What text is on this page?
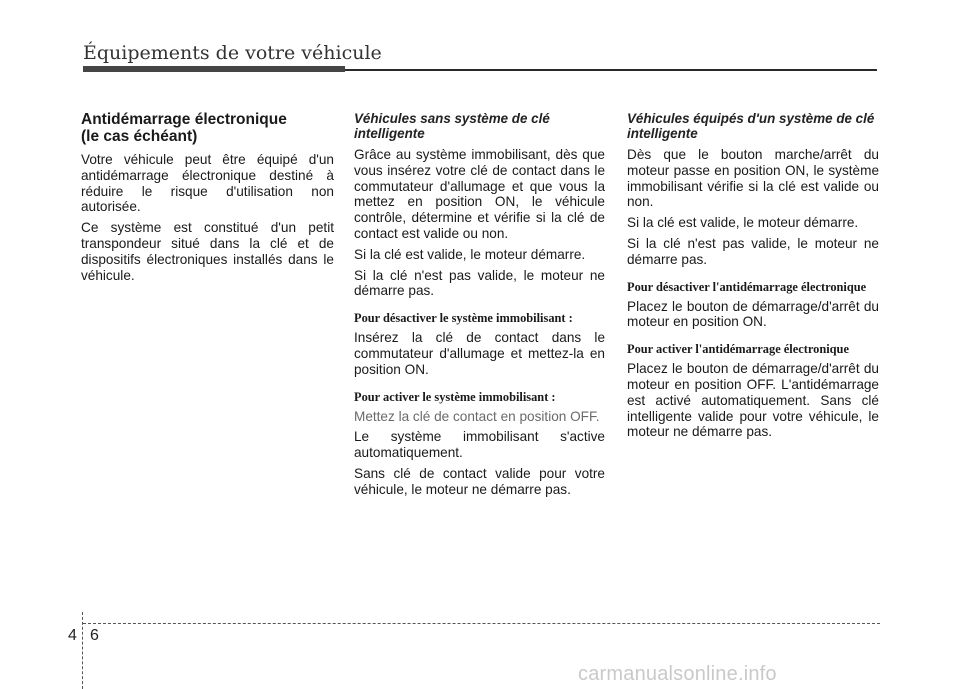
Équipements de votre véhicule
Antidémarrage électronique
(le cas échéant)

Votre véhicule peut être équipé d'un antidémarrage électronique destiné à réduire le risque d'utilisation non autorisée.

Ce système est constitué d'un petit transpondeur situé dans la clé et de dispositifs électroniques installés dans le véhicule.

Véhicules sans système de clé intelligente

Grâce au système immobilisant, dès que vous insérez votre clé de contact dans le commutateur d'allumage et que vous la mettez en position ON, le véhicule contrôle, détermine et vérifie si la clé de contact est valide ou non.

Si la clé est valide, le moteur démarre.

Si la clé n'est pas valide, le moteur ne démarre pas.

Pour désactiver le système immobilisant :

Insérez la clé de contact dans le commutateur d'allumage et mettez-la en position ON.

Pour activer le système immobilisant :

Mettez la clé de contact en position OFF.

Le système immobilisant s'active automatiquement.

Sans clé de contact valide pour votre véhicule, le moteur ne démarre pas.

Véhicules équipés d'un système de clé intelligente

Dès que le bouton marche/arrêt du moteur passe en position ON, le système immobilisant vérifie si la clé est valide ou non.

Si la clé est valide, le moteur démarre.

Si la clé n'est pas valide, le moteur ne démarre pas.

Pour désactiver l'antidémarrage électronique

Placez le bouton de démarrage/d'arrêt du moteur en position ON.

Pour activer l'antidémarrage électronique

Placez le bouton de démarrage/d'arrêt du moteur en position OFF. L'antidémarrage est activé automatiquement. Sans clé intelligente valide pour votre véhicule, le moteur ne démarre pas.

4 6
carmanualsonline.info
